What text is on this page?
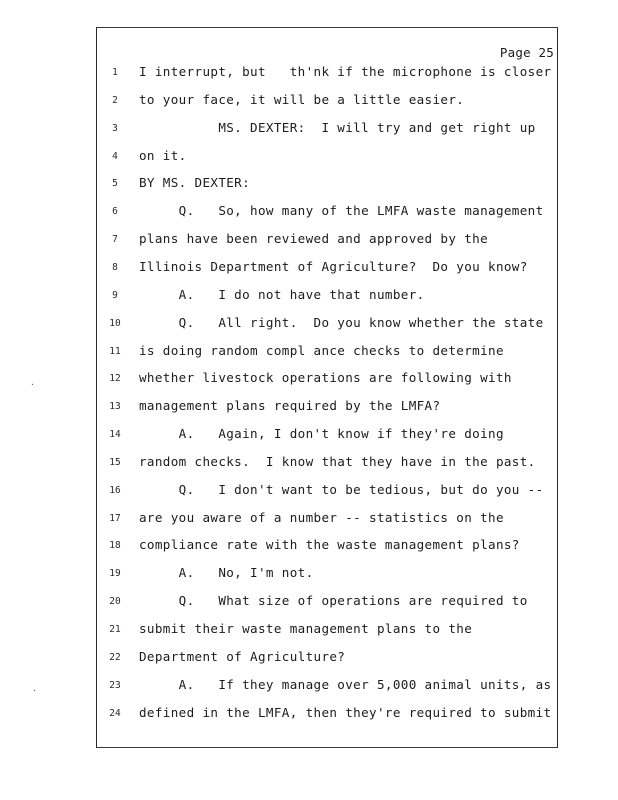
Page 25
1	I interrupt, but   th'nk if the microphone is closer
2	to your face, it will be a little easier.
3	MS. DEXTER:  I will try and get right up
4	on it.
5	BY MS. DEXTER:
6	Q.   So, how many of the LMFA waste management
7	plans have been reviewed and approved by the
8	Illinois Department of Agriculture?  Do you know?
9	A.   I do not have that number.
10	Q.   All right.  Do you know whether the state
11	is doing random compl ance checks to determine
12	whether livestock operations are following with
13	management plans required by the LMFA?
14	A.   Again, I don't know if they're doing
15	random checks.  I know that they have in the past.
16	Q.   I don't want to be tedious, but do you --
17	are you aware of a number -- statistics on the
18	compliance rate with the waste management plans?
19	A.   No, I'm not.
20	Q.   What size of operations are required to
21	submit their waste management plans to the
22	Department of Agriculture?
23	A.   If they manage over 5,000 animal units, as
24	defined in the LMFA, then they're required to submit
·
·
